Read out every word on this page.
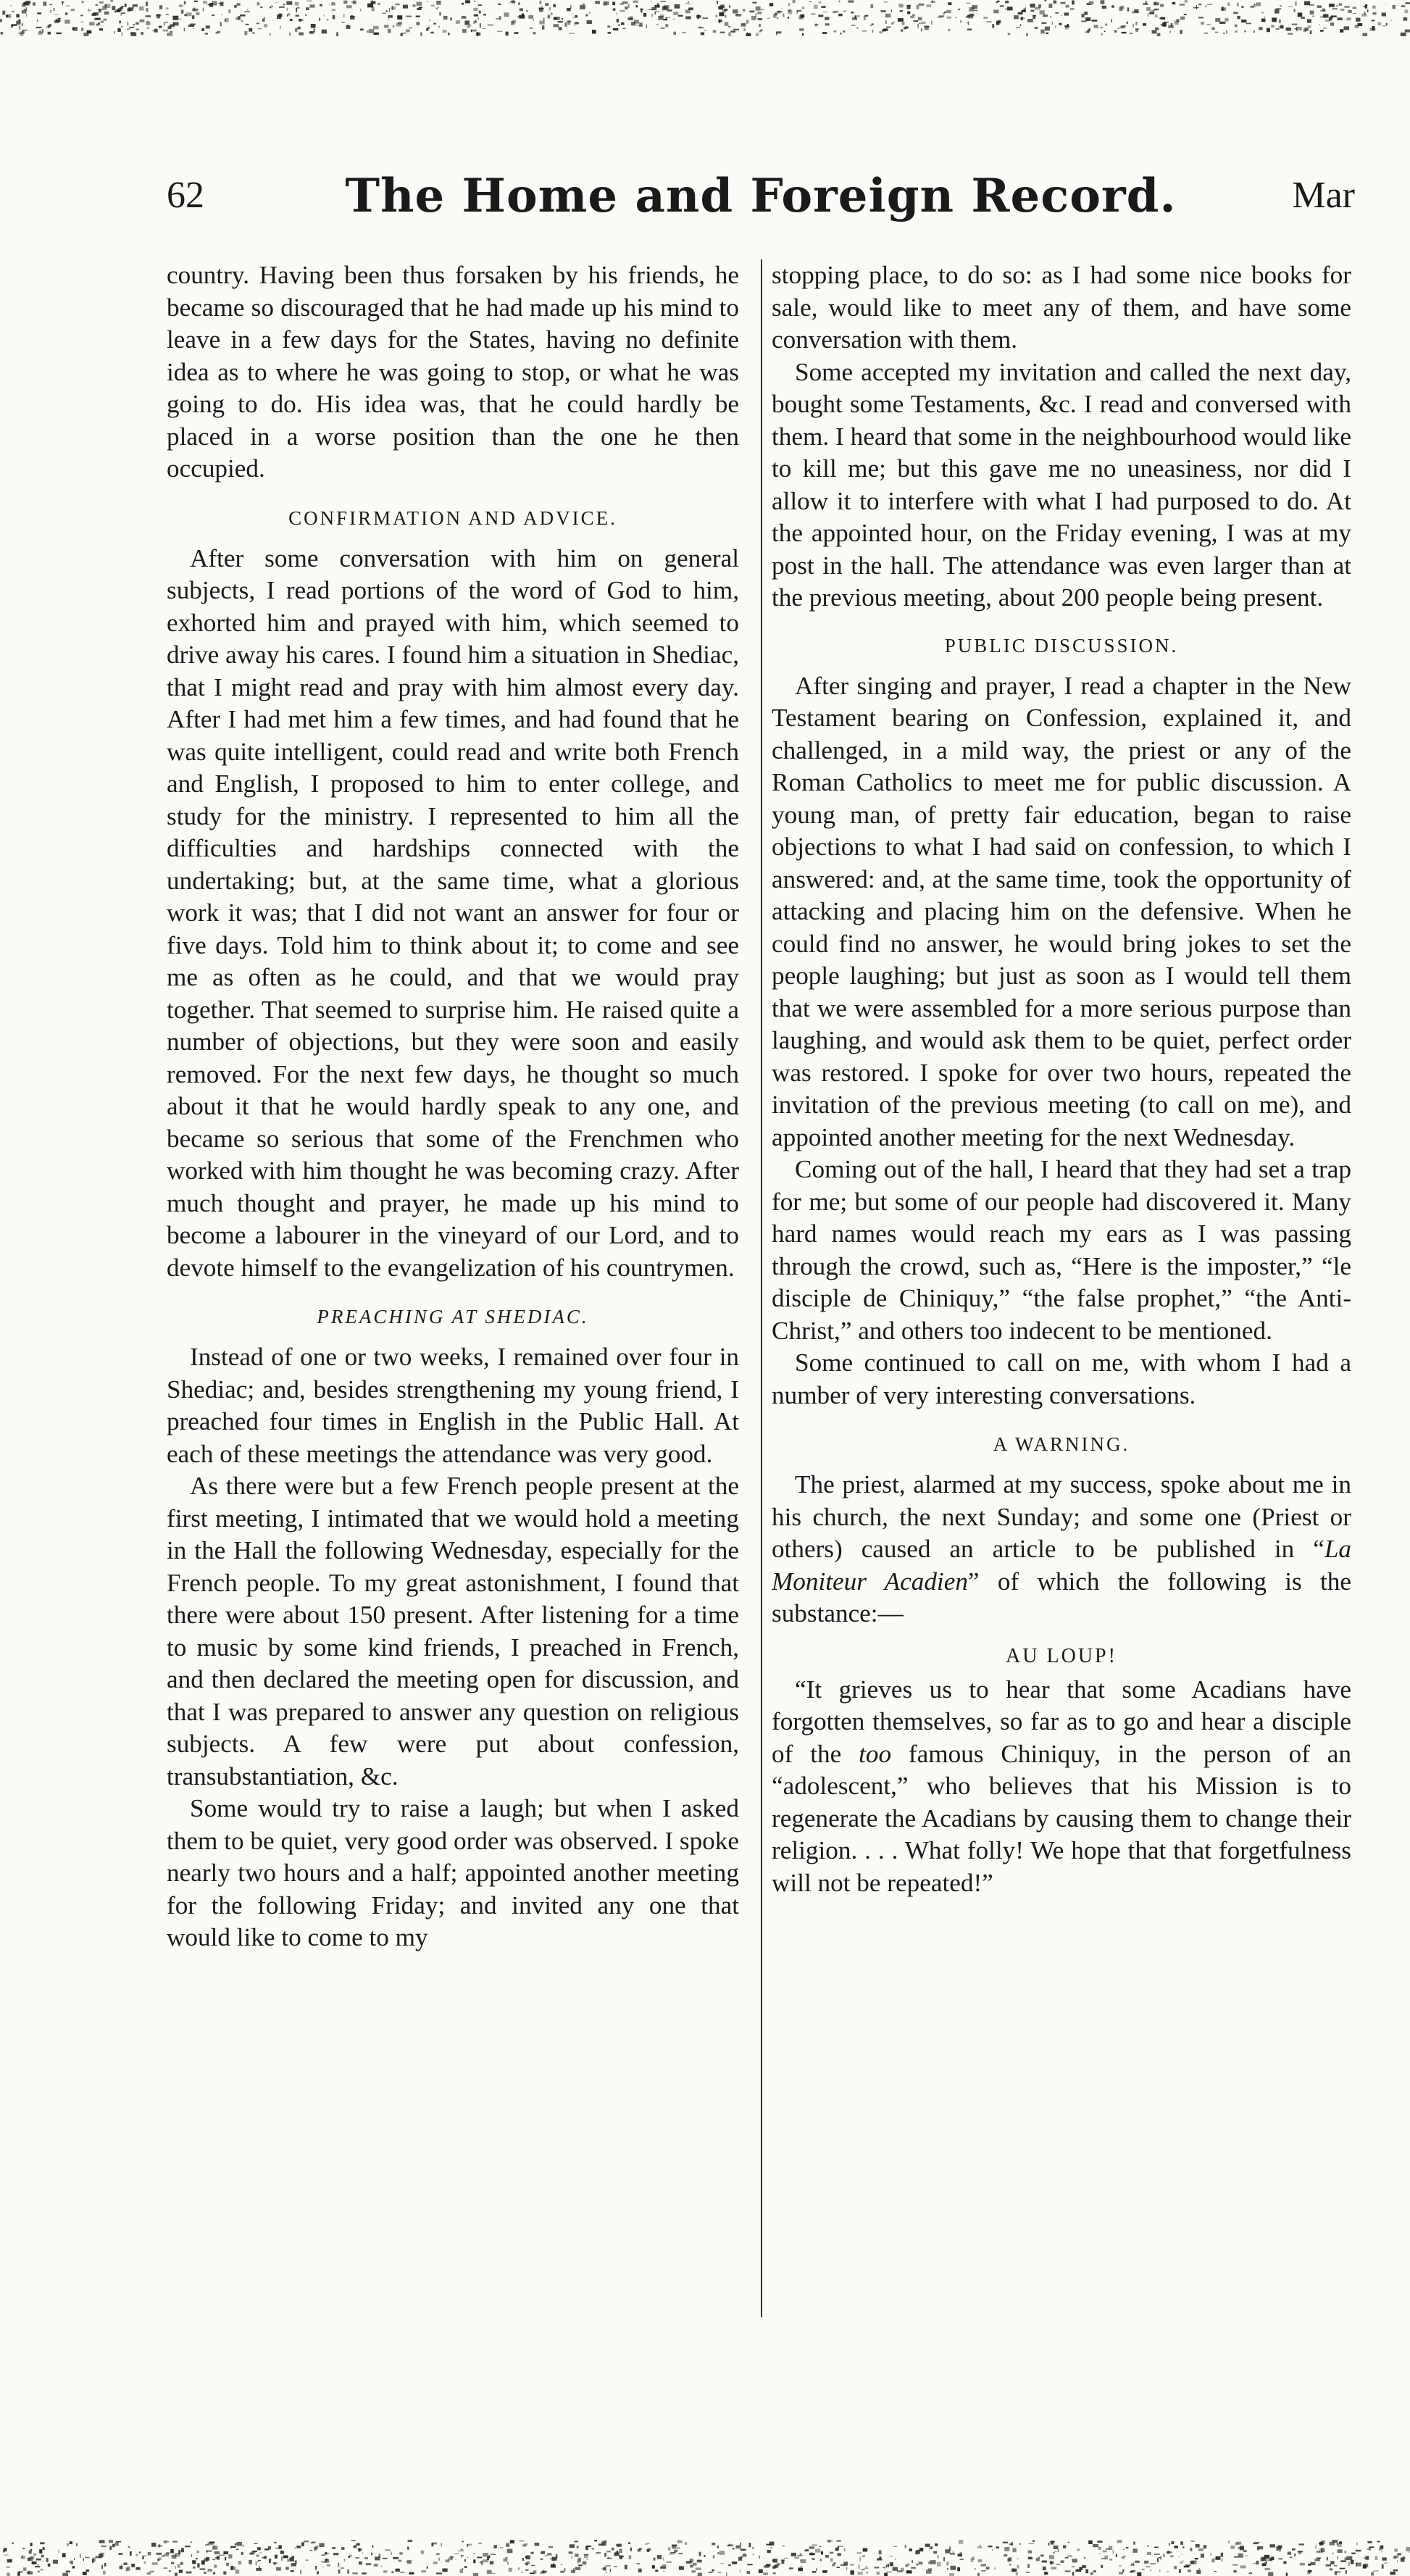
62	The Home and Foreign Record.	Mar

country. Having been thus forsaken by his friends, he became so discouraged that he had made up his mind to leave in a few days for the States, having no definite idea as to where he was going to stop, or what he was going to do. His idea was, that he could hardly be placed in a worse position than the one he then occupied.

CONFIRMATION AND ADVICE.

After some conversation with him on general subjects, I read portions of the word of God to him, exhorted him and prayed with him, which seemed to drive away his cares. I found him a situation in Shediac, that I might read and pray with him almost every day. After I had met him a few times, and had found that he was quite intelligent, could read and write both French and English, I proposed to him to enter college, and study for the ministry. I represented to him all the difficulties and hardships connected with the undertaking; but, at the same time, what a glorious work it was; that I did not want an answer for four or five days. Told him to think about it; to come and see me as often as he could, and that we would pray together. That seemed to surprise him. He raised quite a number of objections, but they were soon and easily removed. For the next few days, he thought so much about it that he would hardly speak to any one, and became so serious that some of the Frenchmen who worked with him thought he was becoming crazy. After much thought and prayer, he made up his mind to become a labourer in the vineyard of our Lord, and to devote himself to the evangelization of his countrymen.

PREACHING AT SHEDIAC.

Instead of one or two weeks, I remained over four in Shediac; and, besides strengthening my young friend, I preached four times in English in the Public Hall. At each of these meetings the attendance was very good.

As there were but a few French people present at the first meeting, I intimated that we would hold a meeting in the Hall the following Wednesday, especially for the French people. To my great astonishment, I found that there were about 150 present. After listening for a time to music by some kind friends, I preached in French, and then declared the meeting open for discussion, and that I was prepared to answer any question on religious subjects. A few were put about confession, transubstantiation, &c.

Some would try to raise a laugh; but when I asked them to be quiet, very good order was observed. I spoke nearly two hours and a half; appointed another meeting for the following Friday; and invited any one that would like to come to my

stopping place, to do so: as I had some nice books for sale, would like to meet any of them, and have some conversation with them.

Some accepted my invitation and called the next day, bought some Testaments, &c. I read and conversed with them. I heard that some in the neighbourhood would like to kill me; but this gave me no uneasiness, nor did I allow it to interfere with what I had purposed to do. At the appointed hour, on the Friday evening, I was at my post in the hall. The attendance was even larger than at the previous meeting, about 200 people being present.

PUBLIC DISCUSSION.

After singing and prayer, I read a chapter in the New Testament bearing on Confession, explained it, and challenged, in a mild way, the priest or any of the Roman Catholics to meet me for public discussion. A young man, of pretty fair education, began to raise objections to what I had said on confession, to which I answered: and, at the same time, took the opportunity of attacking and placing him on the defensive. When he could find no answer, he would bring jokes to set the people laughing; but just as soon as I would tell them that we were assembled for a more serious purpose than laughing, and would ask them to be quiet, perfect order was restored. I spoke for over two hours, repeated the invitation of the previous meeting (to call on me), and appointed another meeting for the next Wednesday.

Coming out of the hall, I heard that they had set a trap for me; but some of our people had discovered it. Many hard names would reach my ears as I was passing through the crowd, such as, “Here is the imposter,” “le disciple de Chiniquy,” “the false prophet,” “the Anti-Christ,” and others too indecent to be mentioned.

Some continued to call on me, with whom I had a number of very interesting conversations.

A WARNING.

The priest, alarmed at my success, spoke about me in his church, the next Sunday; and some one (Priest or others) caused an article to be published in “La Moniteur Acadien” of which the following is the substance:—

AU LOUP!

“It grieves us to hear that some Acadians have forgotten themselves, so far as to go and hear a disciple of the too famous Chiniquy, in the person of an “adolescent,” who believes that his Mission is to regenerate the Acadians by causing them to change their religion. . . . What folly! We hope that that forgetfulness will not be repeated!”
